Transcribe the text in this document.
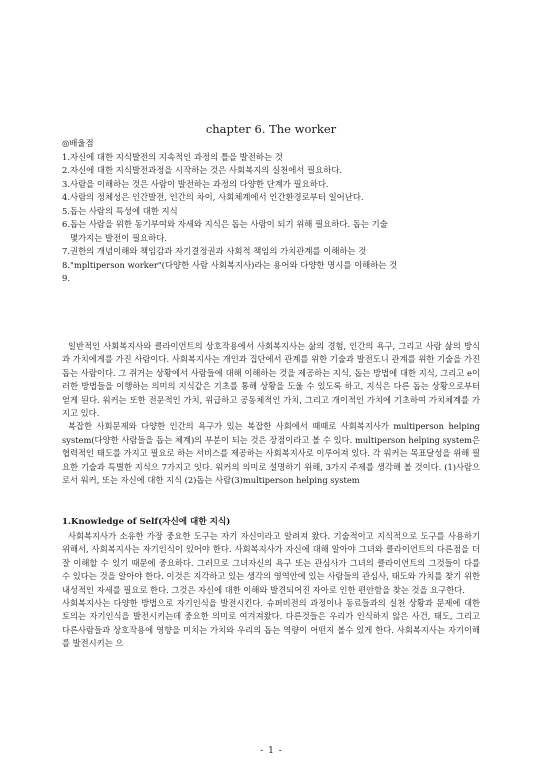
chapter 6. The worker
◎배울점
1.자신에 대한 지식발전의 지속적인 과정의 틀을 발전하는 것
2.자신에 대한 지식발전과정을 시작하는 것은 사회복지의 실천에서 필요하다.
3.사람을 이해하는 것은 사람이 발전하는 과정의 다양한 단계가 필요하다.
4.사람의 정체성은 인간발전, 인간의 차이, 사회체계에서 인간환경로부터 일어난다.
5.돕는 사람의 특성에 대한 지식
6.돕는 사람을 위한 동기부여와 자세와 지식은 돕는 사람이 되기 위해 필요하다. 돕는 기술
몇가지는 발전이 필요하다.
7.권한의 개념이해와 책임감과 자기결정권과 사회적 책임의 가치관계를 이해하는 것
8."mpltiperson worker"(다양한 사람 사회복지사)라는 용어와 다양한 명시를 이해하는 것
9.

일반적인 사회복지사와 클라이언트의 상호작용에서 사회복지사는 삶의 경험, 인간의 욕구, 그리고 사람 삶의 방식과 가치에게를 가진 사람이다. 사회복지사는 개인과 집단에서 관계를 위한 기술과 발전도니 관계를 위한 기술을 가진 돕는 사람이다. 그 쥐거는 상황에서 사람들에 대해 이해하는 것을 제공하는 지식, 돕는 방법에 대한 지식, 그리고 e이러한 방법들을 이행하는 의미의 지식같은 기초를 통해 상황을 도울 수 있도록 하고, 지식은 다른 돕는 상황으로부터 얻게 된다. 워커는 또한 전문적인 가치, 위급하고 공동체적인 가치, 그리고 개이적인 가치에 기초하여 가치체계를 가지고 있다.

복잡한 사회문제와 다양한 인간의 욕구가 있는 복잡한 사회에서 때때로 사회복지사가 multiperson helping system(다양한 사람들을 돕는 체계)의 부분이 되는 것은 장점이라고 볼 수 있다. multiperson helping system은 협력적인 태도를 가지고 필요로 하는 서비스를 제공하는 사회복지사로 이루어져 있다. 각 워커는 목표달성을 위해 필요한 기술과 특별한 지식으 7가지고 잇다. 워커의 의미로 설명하기 위해, 3가지 주제를 생각해 볼 것이다. (1)사람으로서 워커, 또는 자신에 대한 지식 (2)돕는 사람(3)multiperson helping system

1.Knowledge of Self(자신에 대한 지식)

사회복지사가 소유한 가장 중요한 도구는 자기 자신이라고 알려져 왔다. 기술적이고 지식적으로 도구를 사용하기 위해서, 사회복지사는 자기인식이 있어야 한다. 사회복지사가 자신에 대해 알아야 그녀와 클라이언트의 다른점을 더 잘 이해할 수 있기 때문에 중요하다. 그러므로 그녀자신의 욕구 또는 관심사가 그녀의 클라이언트의 그것들이 다를 수 있다는 것을 알아야 한다. 이것은 지각하고 있는 생각의 영역안에 있는 사람들의 관심사, 태도와 가치를 찾기 위한 내성적인 자세를 필요로 한다. 그것은 자신에 대한 이해와 발견되어진 자아로 인한 편안함을 찾는 것을 요구한다.

사회복지사는 다양한 방법으로 자기인식을 발전시킨다. 슈퍼비전의 과정이나 동료들과의 실천 상황과 문제에 대한 토의는 자기인식을 발전시키는데 중요한 의미로 여겨져왔다. 다른것들은 우리가 인식하지 않은 사건, 태도, 그리고 다른사람들과 상호작용에 영향을 미치는 가치와 우리의 돕는 역량이 어떤지 볼수 있게 한다. 사회복지사는 자기이해를 발전시키는 으

- 1 -
